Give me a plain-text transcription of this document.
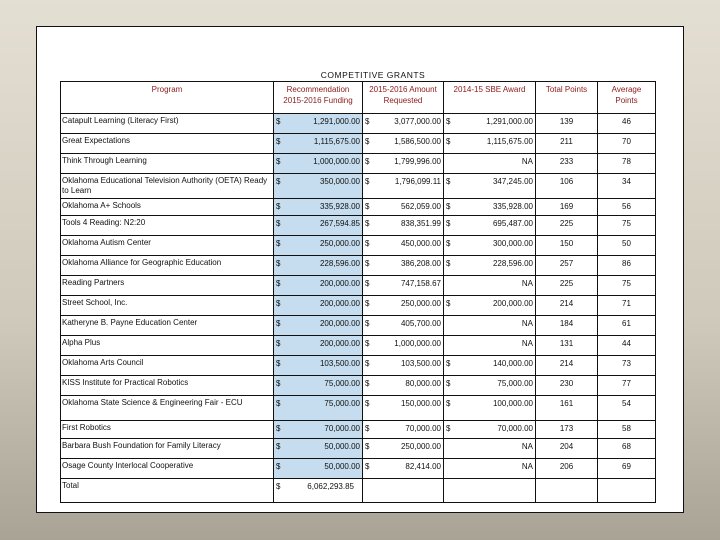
COMPETITIVE GRANTS
Program	Recommendation 2015-2016 Funding	2015-2016 Amount Requested	2014-15 SBE Award	Total Points	Average Points
Catapult Learning (Literacy First)	$ 1,291,000.00	$ 3,077,000.00	$ 1,291,000.00	139	46
Great Expectations	$ 1,115,675.00	$ 1,586,500.00	$ 1,115,675.00	211	70
Think Through Learning	$ 1,000,000.00	$ 1,799,996.00	NA	233	78
Oklahoma Educational Television Authority (OETA) Ready to Learn	$ 350,000.00	$ 1,796,099.11	$ 347,245.00	106	34
Oklahoma A+ Schools	$ 335,928.00	$ 562,059.00	$ 335,928.00	169	56
Tools 4 Reading: N2:20	$ 267,594.85	$ 838,351.99	$ 695,487.00	225	75
Oklahoma Autism Center	$ 250,000.00	$ 450,000.00	$ 300,000.00	150	50
Oklahoma Alliance for Geographic Education	$ 228,596.00	$ 386,208.00	$ 228,596.00	257	86
Reading Partners	$ 200,000.00	$ 747,158.67	NA	225	75
Street School, Inc.	$ 200,000.00	$ 250,000.00	$ 200,000.00	214	71
Katheryne B. Payne Education Center	$ 200,000.00	$ 405,700.00	NA	184	61
Alpha Plus	$ 200,000.00	$ 1,000,000.00	NA	131	44
Oklahoma Arts Council	$ 103,500.00	$ 103,500.00	$ 140,000.00	214	73
KISS Institute for Practical Robotics	$ 75,000.00	$ 80,000.00	$ 75,000.00	230	77
Oklahoma State Science & Engineering Fair - ECU	$ 75,000.00	$ 150,000.00	$ 100,000.00	161	54
First Robotics	$ 70,000.00	$ 70,000.00	$ 70,000.00	173	58
Barbara Bush Foundation for Family Literacy	$ 50,000.00	$ 250,000.00	NA	204	68
Osage County Interlocal Cooperative	$ 50,000.00	$ 82,414.00	NA	206	69
Total	$ 6,062,293.85				
